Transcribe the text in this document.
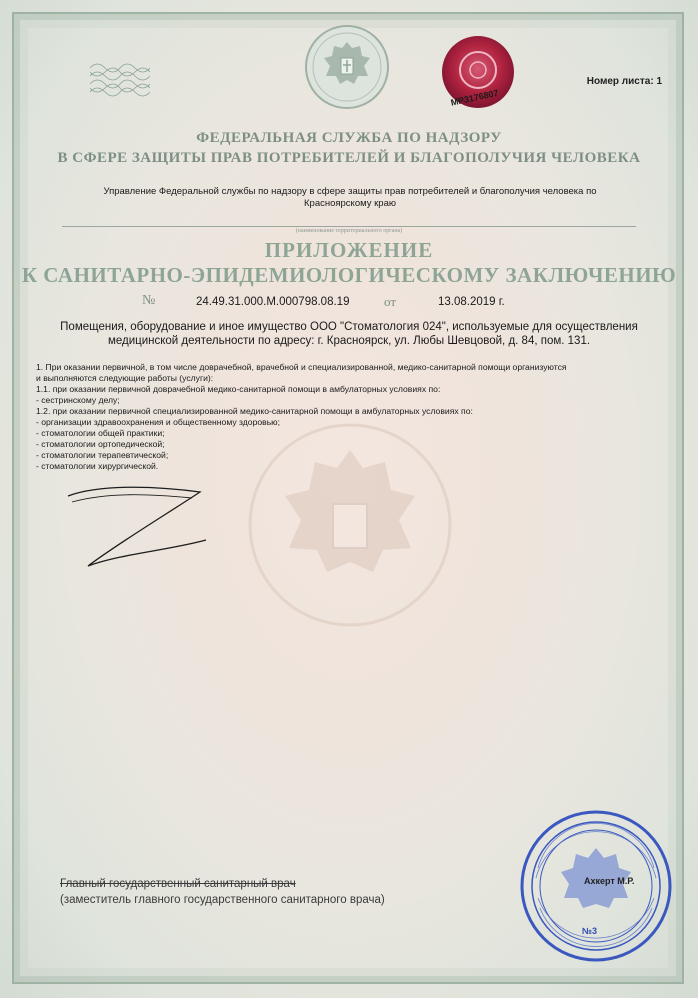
МР3176807
Номер листа: 1
ФЕДЕРАЛЬНАЯ СЛУЖБА ПО НАДЗОРУ
В СФЕРЕ ЗАЩИТЫ ПРАВ ПОТРЕБИТЕЛЕЙ И БЛАГОПОЛУЧИЯ ЧЕЛОВЕКА
Управление Федеральной службы по надзору в сфере защиты прав потребителей и благополучия человека по Красноярскому краю
(наименование территориального органа)
ПРИЛОЖЕНИЕ
К САНИТАРНО-ЭПИДЕМИОЛОГИЧЕСКОМУ ЗАКЛЮЧЕНИЮ
№	24.49.31.000.М.000798.08.19	от	13.08.2019 г.
Помещения, оборудование и иное имущество ООО "Стоматология 024", используемые для осуществления медицинской деятельности по адресу: г. Красноярск, ул. Любы Шевцовой, д. 84, пом. 131.
1. При оказании первичной, в том числе доврачебной, врачебной и специализированной, медико-санитарной помощи организуются
и выполняются следующие работы (услуги):
1.1. при оказании первичной доврачебной медико-санитарной помощи в амбулаторных условиях по:
- сестринскому делу;
1.2. при оказании первичной специализированной медико-санитарной помощи в амбулаторных условиях по:
- организации здравоохранения и общественному здоровью;
- стоматологии общей практики;
- стоматологии ортопедической;
- стоматологии терапевтической;
- стоматологии хирургической.
Главный государственный санитарный врач
(заместитель главного государственного санитарного врача)
Ахкерт М.Р.
№3
